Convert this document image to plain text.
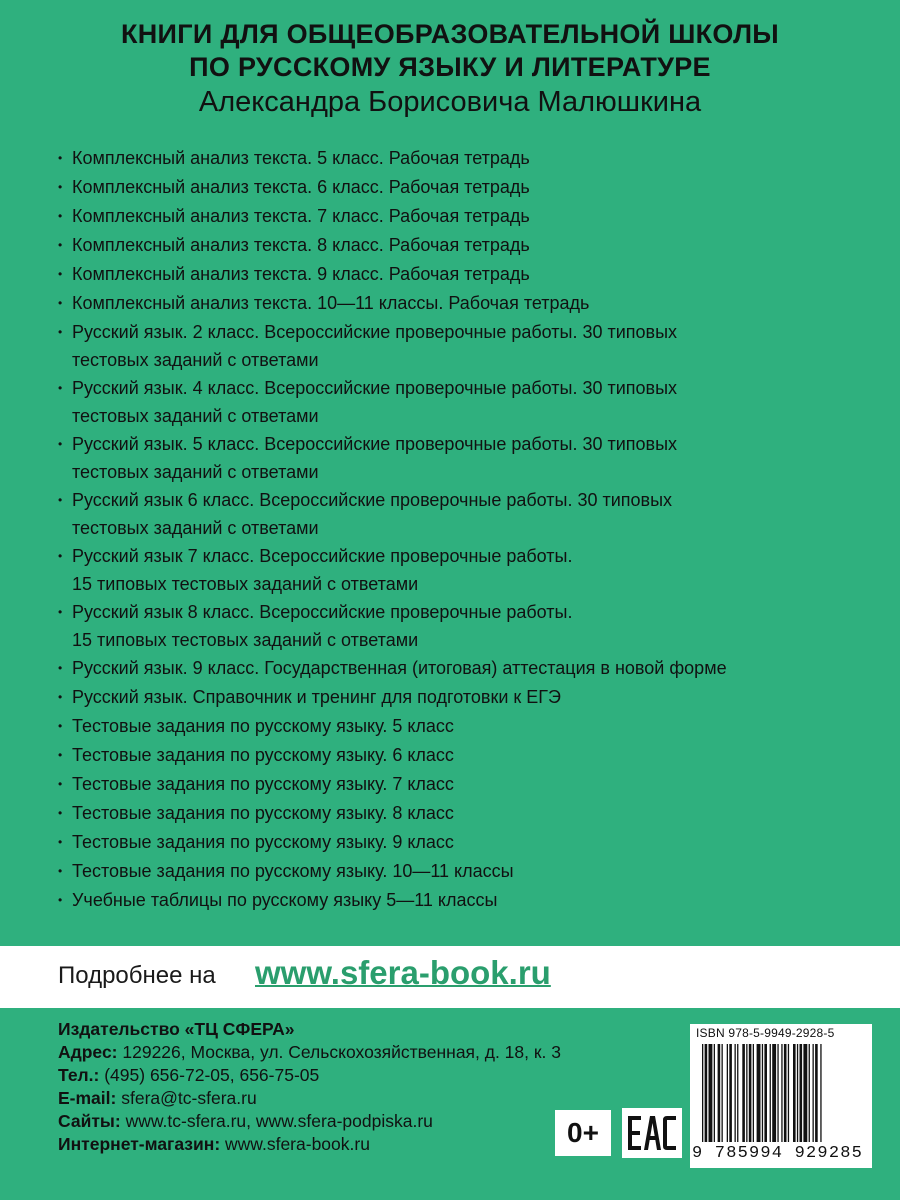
КНИГИ ДЛЯ ОБЩЕОБРАЗОВАТЕЛЬНОЙ ШКОЛЫ
ПО РУССКОМУ ЯЗЫКУ И ЛИТЕРАТУРЕ
Александра Борисовича Малюшкина
• Комплексный анализ текста. 5 класс. Рабочая тетрадь
• Комплексный анализ текста. 6 класс. Рабочая тетрадь
• Комплексный анализ текста. 7 класс. Рабочая тетрадь
• Комплексный анализ текста. 8 класс. Рабочая тетрадь
• Комплексный анализ текста. 9 класс. Рабочая тетрадь
• Комплексный анализ текста. 10—11 классы. Рабочая тетрадь
• Русский язык. 2 класс. Всероссийские проверочные работы. 30 типовых
тестовых заданий с ответами
• Русский язык. 4 класс. Всероссийские проверочные работы. 30 типовых
тестовых заданий с ответами
• Русский язык. 5 класс. Всероссийские проверочные работы. 30 типовых
тестовых заданий с ответами
• Русский язык 6 класс. Всероссийские проверочные работы. 30 типовых
тестовых заданий с ответами
• Русский язык 7 класс. Всероссийские проверочные работы.
15 типовых тестовых заданий с ответами
• Русский язык 8 класс. Всероссийские проверочные работы.
15 типовых тестовых заданий с ответами
• Русский язык. 9 класс. Государственная (итоговая) аттестация в новой форме
• Русский язык. Справочник и тренинг для подготовки к ЕГЭ
• Тестовые задания по русскому языку. 5 класс
• Тестовые задания по русскому языку. 6 класс
• Тестовые задания по русскому языку. 7 класс
• Тестовые задания по русскому языку. 8 класс
• Тестовые задания по русскому языку. 9 класс
• Тестовые задания по русскому языку. 10—11 классы
• Учебные таблицы по русскому языку 5—11 классы
Подробнее на www.sfera-book.ru
Издательство «ТЦ СФЕРА»
Адрес: 129226, Москва, ул. Сельскохозяйственная, д. 18, к. 3
Тел.: (495) 656-72-05, 656-75-05
E-mail: sfera@tc-sfera.ru
Сайты: www.tc-sfera.ru, www.sfera-podpiska.ru
Интернет-магазин: www.sfera-book.ru	0+
ISBN 978-5-9949-2928-5
9 785994 929285
